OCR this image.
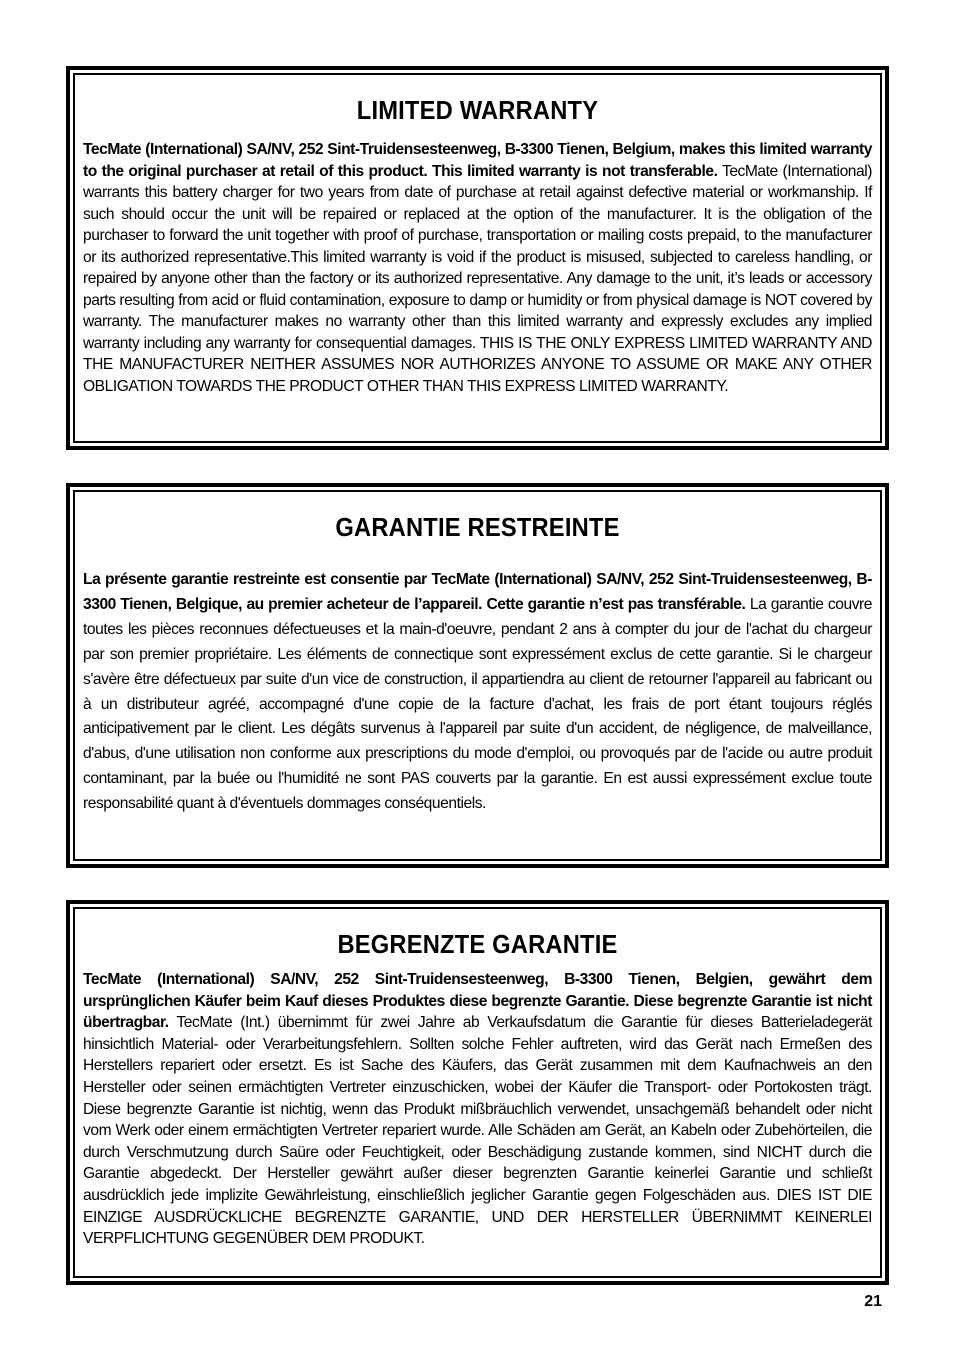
LIMITED WARRANTY

TecMate (International) SA/NV, 252 Sint-Truidensesteenweg, B-3300 Tienen, Belgium, makes this limited warranty to the original purchaser at retail of this product. This limited warranty is not transferable. TecMate (International) warrants this battery charger for two years from date of purchase at retail against defective material or workmanship. If such should occur the unit will be repaired or replaced at the option of the manufacturer. It is the obligation of the purchaser to forward the unit together with proof of purchase, transportation or mailing costs prepaid, to the manufacturer or its authorized representative.This limited warranty is void if the product is misused, subjected to careless handling, or repaired by anyone other than the factory or its authorized representative. Any damage to the unit, it’s leads or accessory parts resulting from acid or fluid contamination, exposure to damp or humidity or from physical damage is NOT covered by warranty. The manufacturer makes no warranty other than this limited warranty and expressly excludes any implied warranty including any warranty for consequential damages. THIS IS THE ONLY EXPRESS LIMITED WARRANTY AND THE MANUFACTURER NEITHER ASSUMES NOR AUTHORIZES ANYONE TO ASSUME OR MAKE ANY OTHER OBLIGATION TOWARDS THE PRODUCT OTHER THAN THIS EXPRESS LIMITED WARRANTY.

GARANTIE RESTREINTE

La présente garantie restreinte est consentie par TecMate (International) SA/NV, 252 Sint-Truidensesteenweg, B-3300 Tienen, Belgique, au premier acheteur de l’appareil. Cette garantie n’est pas transférable. La garantie couvre toutes les pièces reconnues défectueuses et la main-d'oeuvre, pendant 2 ans à compter du jour de l'achat du chargeur par son premier propriétaire. Les éléments de connectique sont expressément exclus de cette garantie. Si le chargeur s'avère être défectueux par suite d'un vice de construction, il appartiendra au client de retourner l'appareil au fabricant ou à un distributeur agréé, accompagné d'une copie de la facture d'achat, les frais de port étant toujours réglés anticipativement par le client. Les dégâts survenus à l'appareil par suite d'un accident, de négligence, de malveillance, d'abus, d'une utilisation non conforme aux prescriptions du mode d'emploi, ou provoqués par de l'acide ou autre produit contaminant, par la buée ou l'humidité ne sont PAS couverts par la garantie. En est aussi expressément exclue toute responsabilité quant à d'éventuels dommages conséquentiels.

BEGRENZTE GARANTIE

TecMate (International) SA/NV, 252 Sint-Truidensesteenweg, B-3300 Tienen, Belgien, gewährt dem ursprünglichen Käufer beim Kauf dieses Produktes diese begrenzte Garantie. Diese begrenzte Garantie ist nicht übertragbar. TecMate (Int.) übernimmt für zwei Jahre ab Verkaufsdatum die Garantie für dieses Batterieladegerät hinsichtlich Material- oder Verarbeitungsfehlern. Sollten solche Fehler auftreten, wird das Gerät nach Ermeßen des Herstellers repariert oder ersetzt. Es ist Sache des Käufers, das Gerät zusammen mit dem Kaufnachweis an den Hersteller oder seinen ermächtigten Vertreter einzuschicken, wobei der Käufer die Transport- oder Portokosten trägt. Diese begrenzte Garantie ist nichtig, wenn das Produkt mißbräuchlich verwendet, unsachgemäß behandelt oder nicht vom Werk oder einem ermächtigten Vertreter repariert wurde. Alle Schäden am Gerät, an Kabeln oder Zubehörteilen, die durch Verschmutzung durch Saüre oder Feuchtigkeit, oder Beschädigung zustande kommen, sind NICHT durch die Garantie abgedeckt. Der Hersteller gewährt außer dieser begrenzten Garantie keinerlei Garantie und schließt ausdrücklich jede implizite Gewährleistung, einschließlich jeglicher Garantie gegen Folgeschäden aus. DIES IST DIE EINZIGE AUSDRÜCKLICHE BEGRENZTE GARANTIE, UND DER HERSTELLER ÜBERNIMMT KEINERLEI VERPFLICHTUNG GEGENÜBER DEM PRODUKT.

21
